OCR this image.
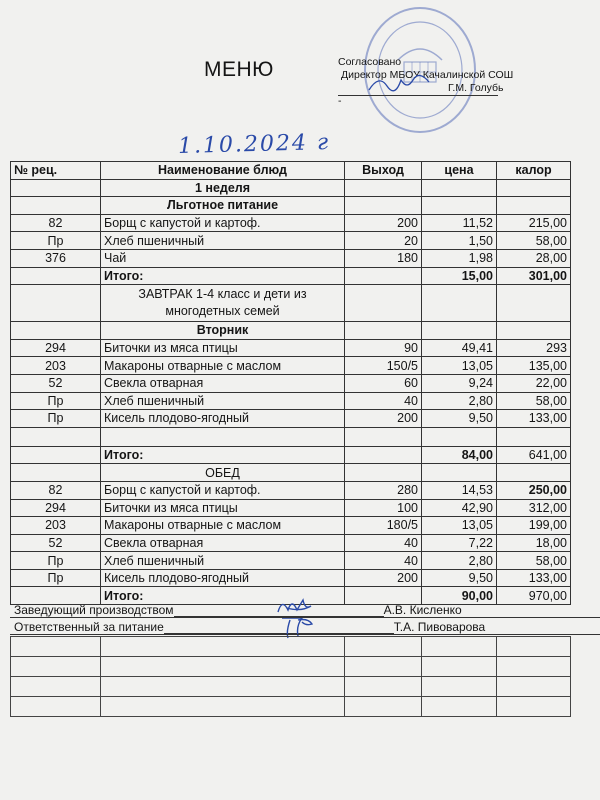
МЕНЮ	Согласовано
Директор МБОУ Качалинской СОШ
Г.М. Голубь
-
1.10.2024 г
№ рец.	Наименование блюд	Выход	цена	калор
	1 неделя			
	Льготное питание			
82	Борщ с капустой и картоф.	200	11,52	215,00
Пр	Хлеб пшеничный	20	1,50	58,00
376	Чай	180	1,98	28,00
	Итого:		15,00	301,00
	ЗАВТРАК 1-4 класс и дети из многодетных семей			
	Вторник			
294	Биточки из мяса птицы	90	49,41	293
203	Макароны отварные с маслом	150/5	13,05	135,00
52	Свекла отварная	60	9,24	22,00
Пр	Хлеб пшеничный	40	2,80	58,00
Пр	Кисель плодово-ягодный	200	9,50	133,00

	Итого:		84,00	641,00
	ОБЕД			
82	Борщ с капустой и картоф.	280	14,53	250,00
294	Биточки из мяса птицы	100	42,90	312,00
203	Макароны отварные с маслом	180/5	13,05	199,00
52	Свекла отварная	40	7,22	18,00
Пр	Хлеб пшеничный	40	2,80	58,00
Пр	Кисель плодово-ягодный	200	9,50	133,00
	Итого:		90,00	970,00
Заведующий производством	А.В. Кисленко
Ответственный за питание	Т.А. Пивоварова
